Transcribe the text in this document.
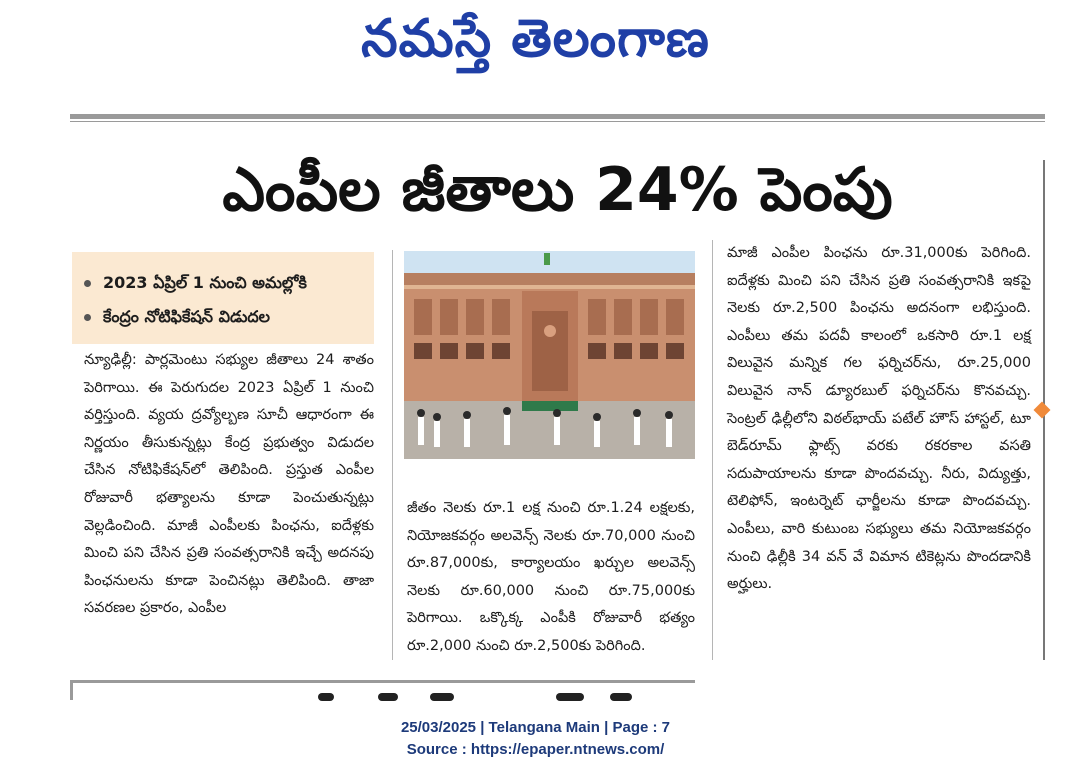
నమస్తే తెలంగాణ
ఎంపీల జీతాలు 24% పెంపు
2023 ఏప్రిల్ 1 నుంచి అమల్లోకి
కేంద్రం నోటిఫికేషన్ విడుదల
న్యూఢిల్లీ: పార్లమెంటు సభ్యుల జీతాలు 24 శాతం పెరిగాయి. ఈ పెరుగుదల 2023 ఏప్రిల్ 1 నుంచి వర్తిస్తుంది. వ్యయ ద్రవ్యోల్బణ సూచీ ఆధారంగా ఈ నిర్ణయం తీసుకున్నట్లు కేంద్ర ప్రభుత్వం విడుదల చేసిన నోటిఫికేషన్‌లో తెలిపింది. ప్రస్తుత ఎంపీల రోజువారీ భత్యాలను కూడా పెంచుతున్నట్లు వెల్లడించింది. మాజీ ఎంపీలకు పింఛను, ఐదేళ్లకు మించి పని చేసిన ప్రతి సంవత్సరానికి ఇచ్చే అదనపు పింఛనులను కూడా పెంచినట్లు తెలిపింది. తాజా సవరణల ప్రకారం, ఎంపీల
జీతం నెలకు రూ.1 లక్ష నుంచి రూ.1.24 లక్షలకు, నియోజకవర్గం అలవెన్స్ నెలకు రూ.70,000 నుంచి రూ.87,000కు, కార్యాలయం ఖర్చుల అలవెన్స్ నెలకు రూ.60,000 నుంచి రూ.75,000కు పెరిగాయి. ఒక్కొక్క ఎంపీకి రోజువారీ భత్యం రూ.2,000 నుంచి రూ.2,500కు పెరిగింది.
మాజీ ఎంపీల పింఛను రూ.31,000కు పెరిగింది. ఐదేళ్లకు మించి పని చేసిన ప్రతి సంవత్సరానికి ఇకపై నెలకు రూ.2,500 పింఛను అదనంగా లభిస్తుంది. ఎంపీలు తమ పదవీ కాలంలో ఒకసారి రూ.1 లక్ష విలువైన మన్నిక గల ఫర్నిచర్‌ను, రూ.25,000 విలువైన నాన్ డ్యూరబుల్ ఫర్నిచర్‌ను కొనవచ్చు. సెంట్రల్ ఢిల్లీలోని విఠల్‌భాయ్ పటేల్ హౌస్ హాస్టల్, టూ బెడ్‌రూమ్ ఫ్లాట్స్ వరకు రకరకాల వసతి సదుపాయాలను కూడా పొందవచ్చు. నీరు, విద్యుత్తు, టెలిఫోన్, ఇంటర్నెట్ ఛార్జీలను కూడా పొందవచ్చు. ఎంపీలు, వారి కుటుంబ సభ్యులు తమ నియోజకవర్గం నుంచి ఢిల్లీకి 34 వన్ వే విమాన టికెట్లను పొందడానికి అర్హులు.
25/03/2025 | Telangana Main | Page : 7
Source : https://epaper.ntnews.com/
